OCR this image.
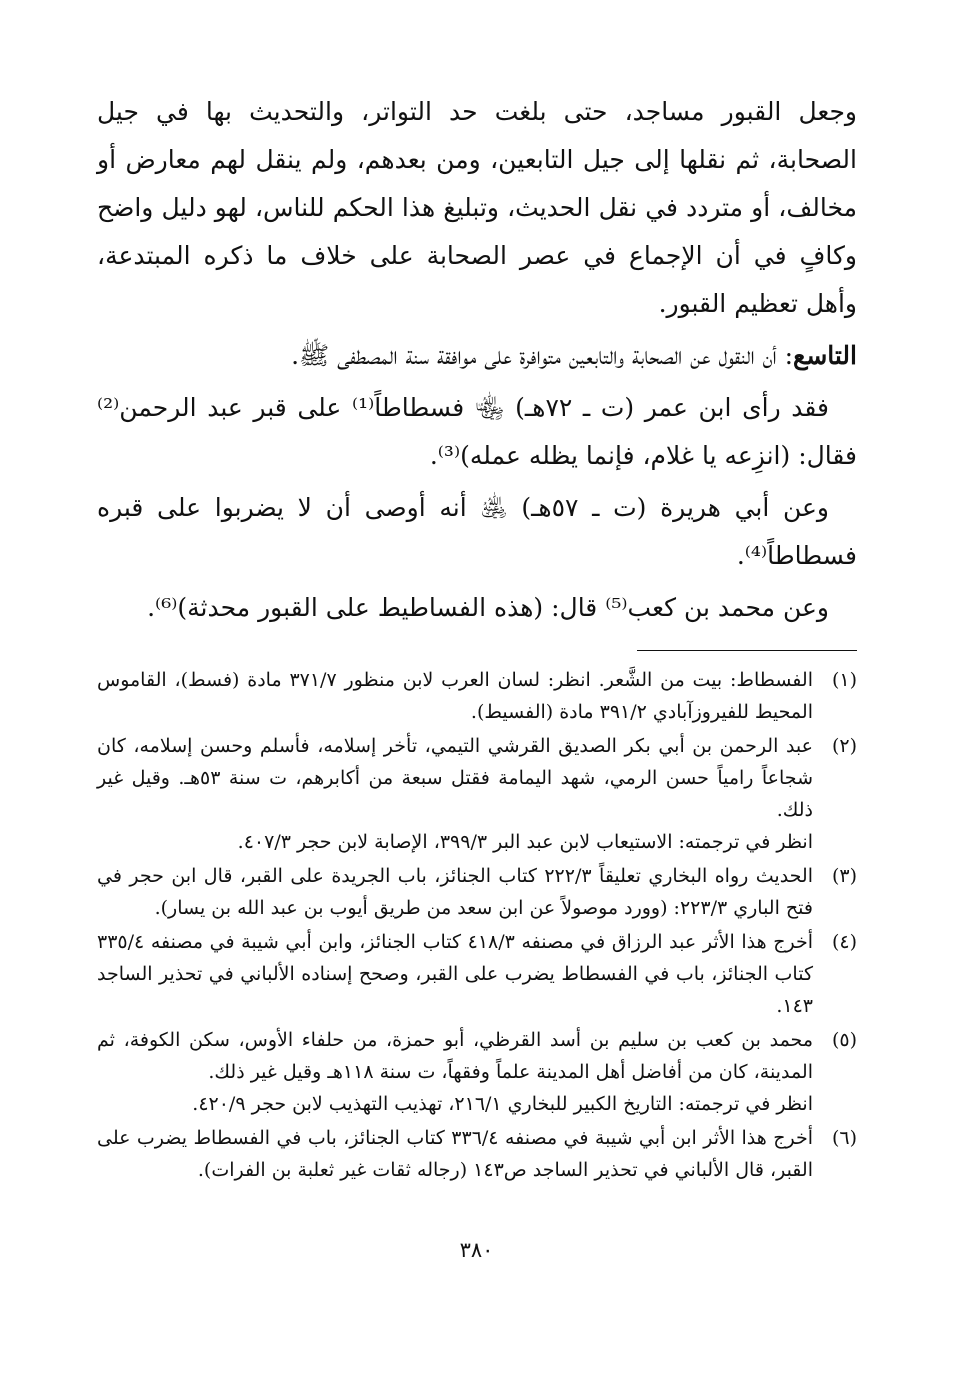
وجعل القبور مساجد، حتى بلغت حد التواتر، والتحديث بها في جيل الصحابة، ثم نقلها إلى جيل التابعين، ومن بعدهم، ولم ينقل لهم معارض أو مخالف، أو متردد في نقل الحديث، وتبليغ هذا الحكم للناس، لهو دليل واضح وكافٍ في أن الإجماع في عصر الصحابة على خلاف ما ذكره المبتدعة، وأهل تعظيم القبور.

التاسع: أن النقول عن الصحابة والتابعين متوافرة على موافقة سنة المصطفى ﷺ.

فقد رأى ابن عمر (ت ـ ٧٢هـ) ﵄ فسطاطاً⁽¹⁾ على قبر عبد الرحمن⁽²⁾ فقال: (انزِعه يا غلام، فإنما يظله عمله)⁽³⁾.

وعن أبي هريرة (ت ـ ٥٧هـ) ﵁ أنه أوصى أن لا يضربوا على قبره فسطاطاً⁽⁴⁾.

وعن محمد بن كعب⁽⁵⁾ قال: (هذه الفساطيط على القبور محدثة)⁽⁶⁾.

(١)
الفسطاط: بيت من الشَّعر. انظر: لسان العرب لابن منظور ٣٧١/٧ مادة (فسط)، القاموس المحيط للفيروزآبادي ٣٩١/٢ مادة (الفسيط).
(٢)
عبد الرحمن بن أبي بكر الصديق القرشي التيمي، تأخر إسلامه، فأسلم وحسن إسلامه، كان شجاعاً رامياً حسن الرمي، شهد اليمامة فقتل سبعة من أكابرهم، ت سنة ٥٣هـ. وقيل غير ذلك.
انظر في ترجمته: الاستيعاب لابن عبد البر ٣٩٩/٣، الإصابة لابن حجر ٤٠٧/٣.
(٣)
الحديث رواه البخاري تعليقاً ٢٢٢/٣ كتاب الجنائز، باب الجريدة على القبر، قال ابن حجر في فتح الباري ٢٢٣/٣: (وورد موصولاً عن ابن سعد من طريق أيوب بن عبد الله بن يسار).
(٤)
أخرج هذا الأثر عبد الرزاق في مصنفه ٤١٨/٣ كتاب الجنائز، وابن أبي شيبة في مصنفه ٣٣٥/٤ كتاب الجنائز، باب في الفسطاط يضرب على القبر، وصحح إسناده الألباني في تحذير الساجد ١٤٣.
(٥)
محمد بن كعب بن سليم بن أسد القرظي، أبو حمزة، من حلفاء الأوس، سكن الكوفة، ثم المدينة، كان من أفاضل أهل المدينة علماً وفقهاً، ت سنة ١١٨هـ وقيل غير ذلك.
انظر في ترجمته: التاريخ الكبير للبخاري ٢١٦/١، تهذيب التهذيب لابن حجر ٤٢٠/٩.
(٦)
أخرج هذا الأثر ابن أبي شيبة في مصنفه ٣٣٦/٤ كتاب الجنائز، باب في الفسطاط يضرب على القبر، قال الألباني في تحذير الساجد ص١٤٣ (رجاله ثقات غير ثعلبة بن الفرات).
٣٨٠
